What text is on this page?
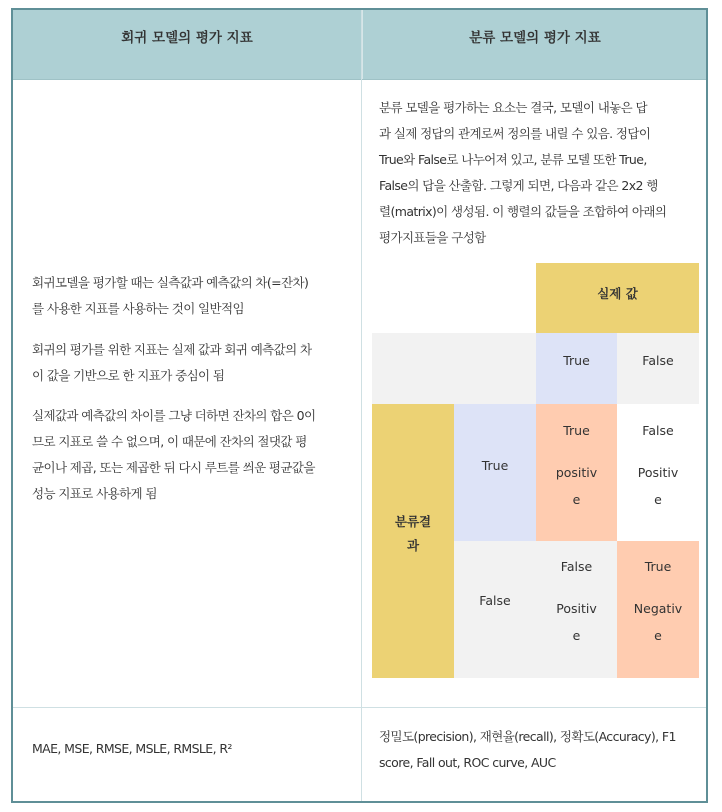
회귀 모델의 평가 지표	분류 모델의 평가 지표
회귀모델을 평가할 때는 실측값과 예측값의 차(=잔차)
를 사용한 지표를 사용하는 것이 일반적임
회귀의 평가를 위한 지표는 실제 값과 회귀 예측값의 차
이 값을 기반으로 한 지표가 중심이 됨
실제값과 예측값의 차이를 그냥 더하면 잔차의 합은 0이
므로 지표로 쓸 수 없으며, 이 때문에 잔차의 절댓값 평
균이나 제곱, 또는 제곱한 뒤 다시 루트를 씌운 평균값을
성능 지표로 사용하게 됨
분류 모델을 평가하는 요소는 결국, 모델이 내놓은 답
과 실제 정답의 관계로써 정의를 내릴 수 있음. 정답이
True와 False로 나누어져 있고, 분류 모델 또한 True,
False의 답을 산출함. 그렇게 되면, 다음과 같은 2x2 행
렬(matrix)이 생성됨. 이 행렬의 값들을 조합하여 아래의
평가지표들을 구성함
실제 값
True	False
분류결
과
True
True
positiv
e
False
Positiv
e
False
False
Positiv
e
True
Negativ
e
MAE, MSE, RMSE, MSLE, RMSLE, R²
정밀도(precision), 재현율(recall), 정확도(Accuracy), F1
score, Fall out, ROC curve, AUC
